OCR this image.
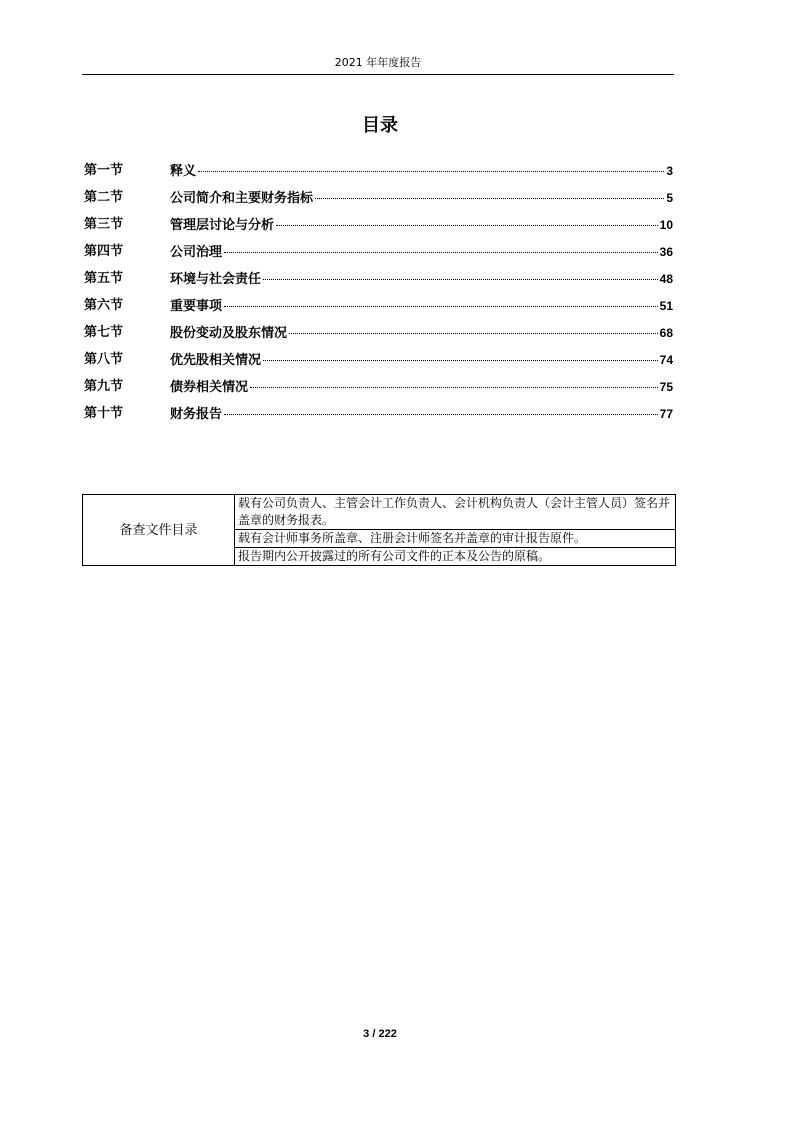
2021 年年度报告
目录
第一节	释义	3
第二节	公司简介和主要财务指标	5
第三节	管理层讨论与分析	10
第四节	公司治理	36
第五节	环境与社会责任	48
第六节	重要事项	51
第七节	股份变动及股东情况	68
第八节	优先股相关情况	74
第九节	债券相关情况	75
第十节	财务报告	77
备查文件目录	载有公司负责人、主管会计工作负责人、会计机构负责人（会计主管人员）签名并盖章的财务报表。
载有会计师事务所盖章、注册会计师签名并盖章的审计报告原件。
报告期内公开披露过的所有公司文件的正本及公告的原稿。
3 / 222
